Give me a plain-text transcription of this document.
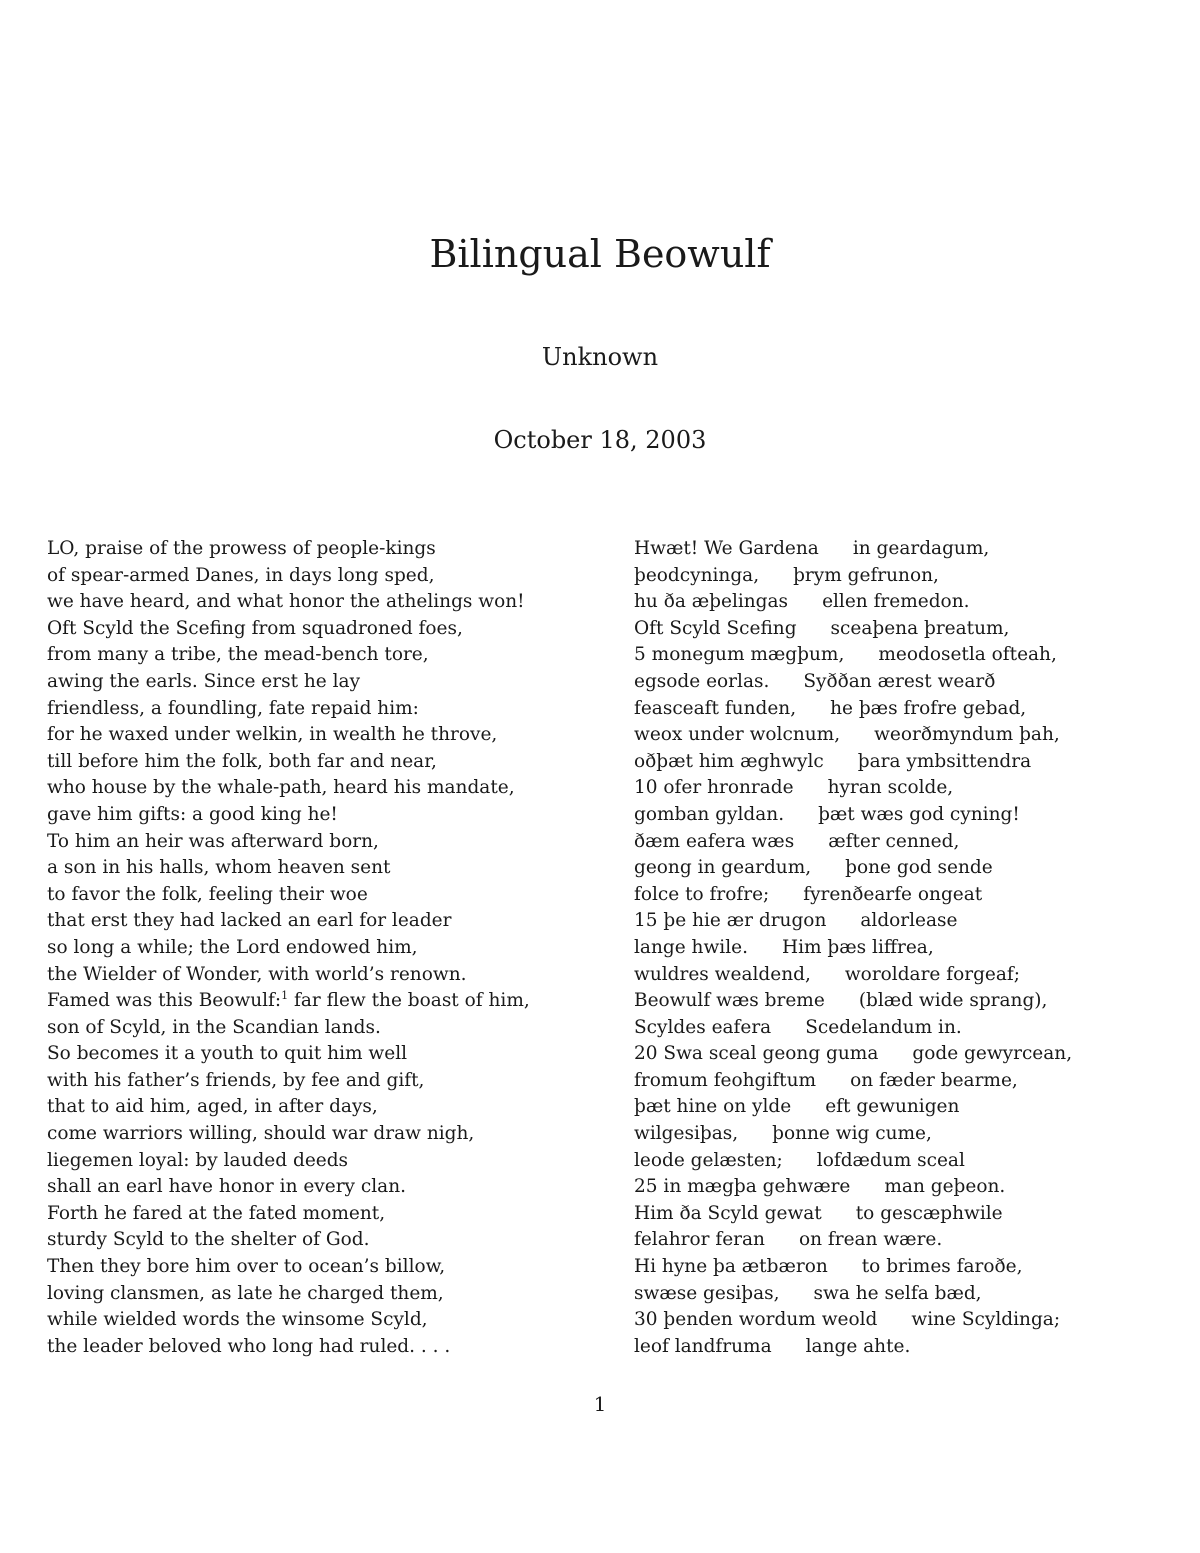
Bilingual Beowulf
Unknown
October 18, 2003
LO, praise of the prowess of people-kings
of spear-armed Danes, in days long sped,
we have heard, and what honor the athelings won!
Oft Scyld the Scefing from squadroned foes,
from many a tribe, the mead-bench tore,
awing the earls. Since erst he lay
friendless, a foundling, fate repaid him:
for he waxed under welkin, in wealth he throve,
till before him the folk, both far and near,
who house by the whale-path, heard his mandate,
gave him gifts: a good king he!
To him an heir was afterward born,
a son in his halls, whom heaven sent
to favor the folk, feeling their woe
that erst they had lacked an earl for leader
so long a while; the Lord endowed him,
the Wielder of Wonder, with world’s renown.
Famed was this Beowulf:$^1$ far flew the boast of him,
son of Scyld, in the Scandian lands.
So becomes it a youth to quit him well
with his father’s friends, by fee and gift,
that to aid him, aged, in after days,
come warriors willing, should war draw nigh,
liegemen loyal: by lauded deeds
shall an earl have honor in every clan.
Forth he fared at the fated moment,
sturdy Scyld to the shelter of God.
Then they bore him over to ocean’s billow,
loving clansmen, as late he charged them,
while wielded words the winsome Scyld,
the leader beloved who long had ruled. . . .
Hwæt! We Gardena in geardagum,
þeodcyninga, þrym gefrunon,
hu ða æþelingas ellen fremedon.
Oft Scyld Scefing sceaþena þreatum,
5 monegum mægþum, meodosetla ofteah,
egsode eorlas. Syððan ærest wearð
feasceaft funden, he þæs frofre gebad,
weox under wolcnum, weorðmyndum þah,
oðþæt him æghwylc þara ymbsittendra
10 ofer hronrade hyran scolde,
gomban gyldan. þæt wæs god cyning!
ðæm eafera wæs æfter cenned,
geong in geardum, þone god sende
folce to frofre; fyrenðearfe ongeat
15 þe hie ær drugon aldorlease
lange hwile. Him þæs liffrea,
wuldres wealdend, woroldare forgeaf;
Beowulf wæs breme (blæd wide sprang),
Scyldes eafera Scedelandum in.
20 Swa sceal geong guma gode gewyrcean,
fromum feohgiftum on fæder bearme,
þæt hine on ylde eft gewunigen
wilgesiþas, þonne wig cume,
leode gelæsten; lofdædum sceal
25 in mægþa gehwære man geþeon.
Him ða Scyld gewat to gescæphwile
felahror feran on frean wære.
Hi hyne þa ætbæron to brimes faroðe,
swæse gesiþas, swa he selfa bæd,
30 þenden wordum weold wine Scyldinga;
leof landfruma lange ahte.
1
